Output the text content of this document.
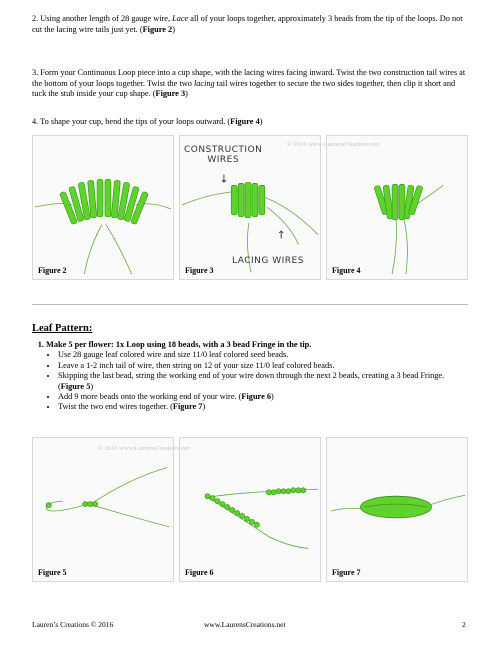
2. Using another length of 28 gauge wire, Lace all of your loops together, approximately 3 beads from the tip of the loops. Do not cut the lacing wire tails just yet. (Figure 2)
3. Form your Continuous Loop piece into a cup shape, with the lacing wires facing inward. Twist the two construction tail wires at the bottom of your loops together. Twist the two lacing tail wires together to secure the two sides together, then clip it short and tuck the stub inside your cup shape. (Figure 3)
4. To shape your cup, bend the tips of your loops outward. (Figure 4)
Figure 2
↓
↑
CONSTRUCTION
WIRES
LACING WIRES
Figure 3	Figure 4
© 2016 www.LaurensCreations.net
Leaf Pattern:
1. Make 5 per flower: 1x Loop using 18 beads, with a 3 bead Fringe in the tip.
• Use 28 gauge leaf colored wire and size 11/0 leaf colored seed beads.
• Leave a 1-2 inch tail of wire, then string on 12 of your size 11/0 leaf colored beads.
• Skipping the last bead, string the working end of your wire down through the next 2 beads, creating a 3 bead Fringe. (Figure 5)
• Add 9 more beads onto the working end of your wire. (Figure 6)
• Twist the two end wires together. (Figure 7)
Figure 5	Figure 6	Figure 7
© 2016 www.LaurensCreations.net
Lauren’s Creations © 2016	www.LaurensCreations.net	2
